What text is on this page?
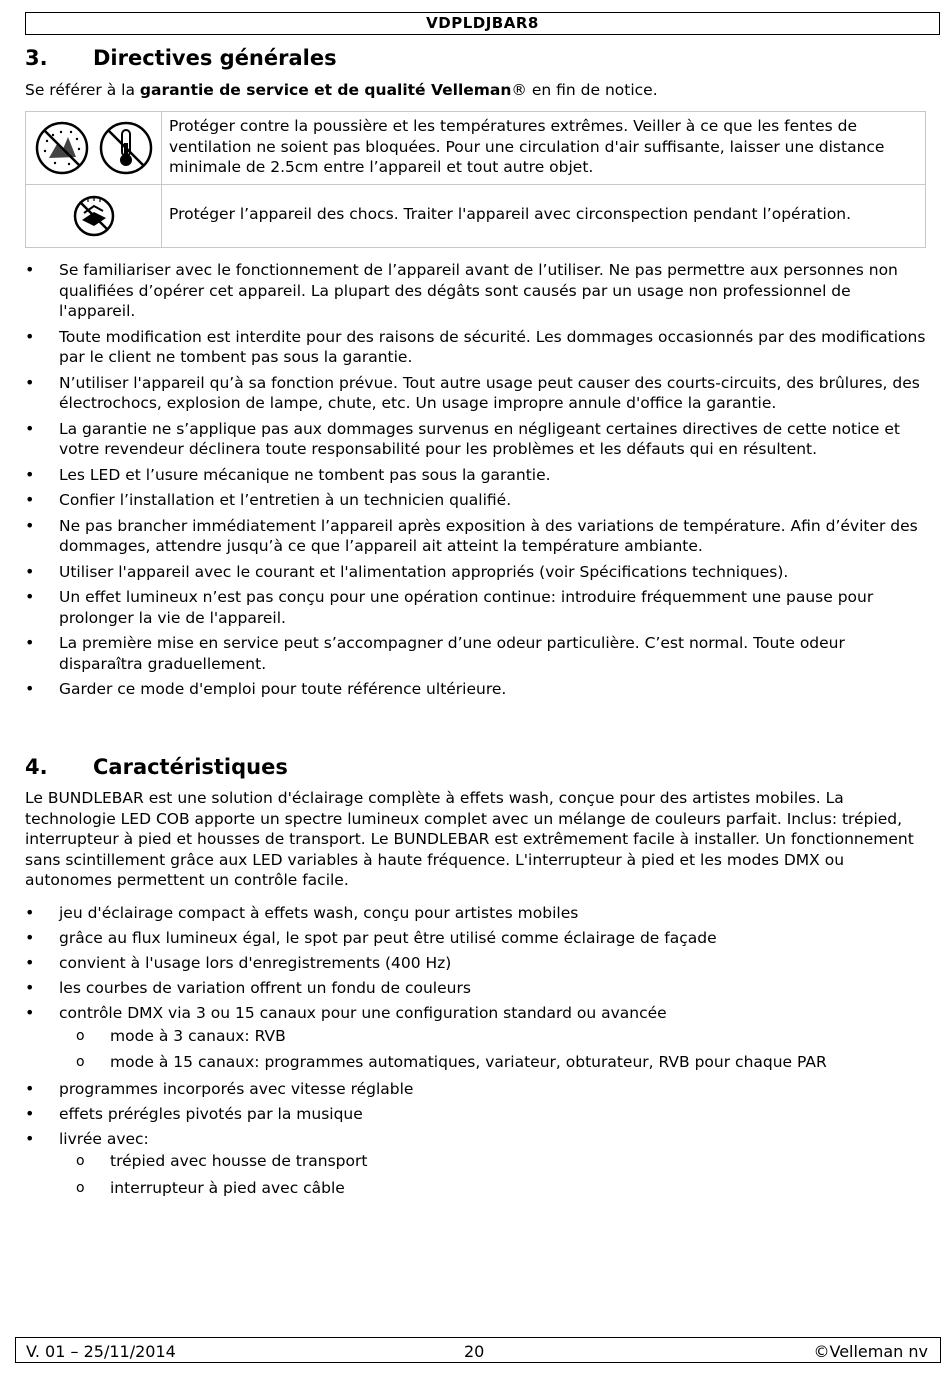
VDPLDJBAR8
3. Directives générales

Se référer à la garantie de service et de qualité Velleman® en fin de notice.

	Protéger contre la poussière et les températures extrêmes. Veiller à ce que les fentes de ventilation ne soient pas bloquées. Pour une circulation d'air suffisante, laisser une distance minimale de 2.5cm entre l’appareil et tout autre objet.

	Protéger l’appareil des chocs. Traiter l'appareil avec circonspection pendant l’opération.
• Se familiariser avec le fonctionnement de l’appareil avant de l’utiliser. Ne pas permettre aux personnes non qualifiées d’opérer cet appareil. La plupart des dégâts sont causés par un usage non professionnel de l'appareil.
• Toute modification est interdite pour des raisons de sécurité. Les dommages occasionnés par des modifications par le client ne tombent pas sous la garantie.
• N’utiliser l'appareil qu’à sa fonction prévue. Tout autre usage peut causer des courts-circuits, des brûlures, des électrochocs, explosion de lampe, chute, etc. Un usage impropre annule d'office la garantie.
• La garantie ne s’applique pas aux dommages survenus en négligeant certaines directives de cette notice et votre revendeur déclinera toute responsabilité pour les problèmes et les défauts qui en résultent.
• Les LED et l’usure mécanique ne tombent pas sous la garantie.
• Confier l’installation et l’entretien à un technicien qualifié.
• Ne pas brancher immédiatement l’appareil après exposition à des variations de température. Afin d’éviter des dommages, attendre jusqu’à ce que l’appareil ait atteint la température ambiante.
• Utiliser l'appareil avec le courant et l'alimentation appropriés (voir Spécifications techniques).
• Un effet lumineux n’est pas conçu pour une opération continue: introduire fréquemment une pause pour prolonger la vie de l'appareil.
• La première mise en service peut s’accompagner d’une odeur particulière. C’est normal. Toute odeur disparaîtra graduellement.
• Garder ce mode d'emploi pour toute référence ultérieure.
4. Caractéristiques

Le BUNDLEBAR est une solution d'éclairage complète à effets wash, conçue pour des artistes mobiles. La technologie LED COB apporte un spectre lumineux complet avec un mélange de couleurs parfait. Inclus: trépied, interrupteur à pied et housses de transport. Le BUNDLEBAR est extrêmement facile à installer. Un fonctionnement sans scintillement grâce aux LED variables à haute fréquence. L'interrupteur à pied et les modes DMX ou autonomes permettent un contrôle facile.

• jeu d'éclairage compact à effets wash, conçu pour artistes mobiles
• grâce au flux lumineux égal, le spot par peut être utilisé comme éclairage de façade
• convient à l'usage lors d'enregistrements (400 Hz)
• les courbes de variation offrent un fondu de couleurs
• contrôle DMX via 3 ou 15 canaux pour une configuration standard ou avancée
o mode à 3 canaux: RVB
o mode à 15 canaux: programmes automatiques, variateur, obturateur, RVB pour chaque PAR
• programmes incorporés avec vitesse réglable
• effets prérégles pivotés par la musique
• livrée avec:
o trépied avec housse de transport
o interrupteur à pied avec câble
V. 01 – 25/11/2014	20	©Velleman nv
